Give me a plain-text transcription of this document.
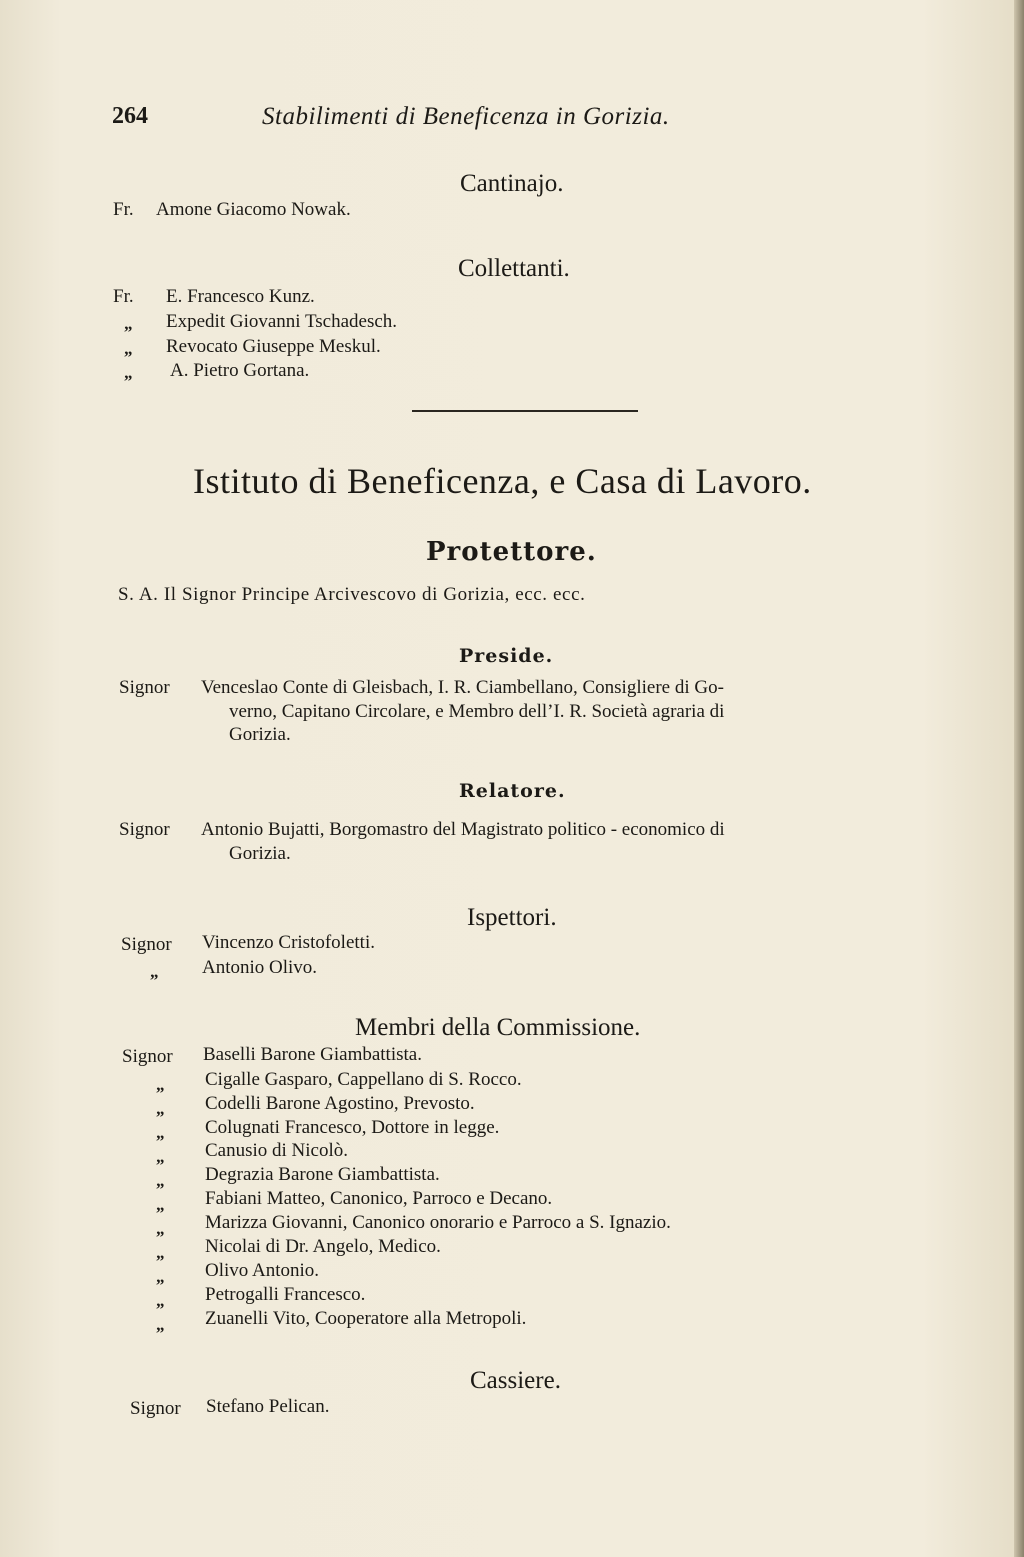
264	Stabilimenti di Beneficenza in Gorizia.
Cantinajo.
Fr. Amone Giacomo Nowak.
Collettanti.
Fr. E. Francesco Kunz.
„ Expedit Giovanni Tschadesch.
„ Revocato Giuseppe Meskul.
„ A. Pietro Gortana.
Istituto di Beneficenza, e Casa di Lavoro.
Protettore.
S. A. Il Signor Principe Arcivescovo di Gorizia, ecc. ecc.
Preside.
Signor Venceslao Conte di Gleisbach, I. R. Ciambellano, Consigliere di Go-
verno, Capitano Circolare, e Membro dell’I. R. Società agraria di
Gorizia.
Relatore.
Signor Antonio Bujatti, Borgomastro del Magistrato politico - economico di
Gorizia.
Ispettori.
Signor Vincenzo Cristofoletti.
„ Antonio Olivo.
Membri della Commissione.
Signor Baselli Barone Giambattista.
„ Cigalle Gasparo, Cappellano di S. Rocco.
„ Codelli Barone Agostino, Prevosto.
„ Colugnati Francesco, Dottore in legge.
„ Canusio di Nicolò.
„ Degrazia Barone Giambattista.
„ Fabiani Matteo, Canonico, Parroco e Decano.
„ Marizza Giovanni, Canonico onorario e Parroco a S. Ignazio.
„ Nicolai di Dr. Angelo, Medico.
„ Olivo Antonio.
„ Petrogalli Francesco.
„ Zuanelli Vito, Cooperatore alla Metropoli.
Cassiere.
Signor Stefano Pelican.
